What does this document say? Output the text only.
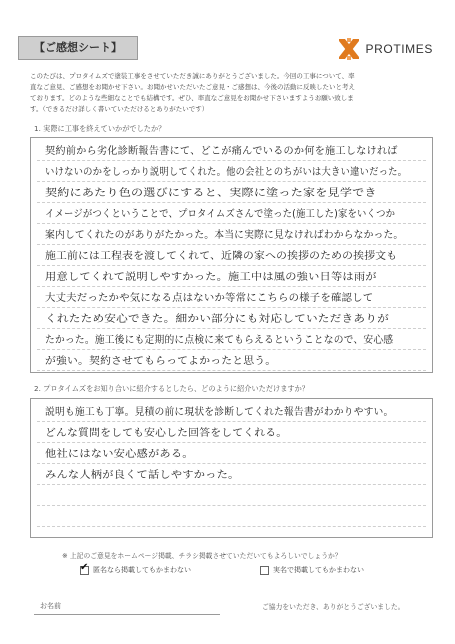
【ご感想シート】	PROTIMES
このたびは、プロタイムズで塗装工事をさせていただき誠にありがとうございました。今回の工事について、率
直なご意見、ご感想をお聞かせ下さい。お聞かせいただいたご意見・ご感想は、今後の活動に反映したいと考え
ております。どのような些細なことでも結構です。ぜひ、率直なご意見をお聞かせ下さいますようお願い致しま
す。（できるだけ詳しく書いていただけるとありがたいです）
1. 実際に工事を終えていかがでしたか？
契約前から劣化診断報告書にて、どこが痛んでいるのか何を施工しなければ
いけないのかをしっかり説明してくれた。他の会社とのちがいは大きい違いだった。
契約にあたり色の選びにすると、実際に塗った家を見学でき
イメージがつくということで、プロタイムズさんで塗った(施工した)家をいくつか
案内してくれたのがありがたかった。本当に実際に見なければわからなかった。
施工前には工程表を渡してくれて、近隣の家への挨拶のための挨拶文も
用意してくれて説明しやすかった。施工中は風の強い日等は雨が
大丈夫だったかや気になる点はないか等常にこちらの様子を確認して
くれたため安心できた。細かい部分にも対応していただきありが
たかった。施工後にも定期的に点検に来てもらえるということなので、安心感
が強い。契約させてもらってよかったと思う。
2. プロタイムズをお知り合いに紹介するとしたら、どのように紹介いただけますか？
説明も施工も丁寧。見積の前に現状を診断してくれた報告書がわかりやすい。
どんな質問をしても安心した回答をしてくれる。
他社にはない安心感がある。
みんな人柄が良くて話しやすかった。
※ 上記のご意見をホームページ掲載、チラシ掲載させていただいてもよろしいでしょうか？
✔ 匿名なら掲載してもかまわない	実名で掲載してもかまわない
お名前	ご協力をいただき、ありがとうございました。
